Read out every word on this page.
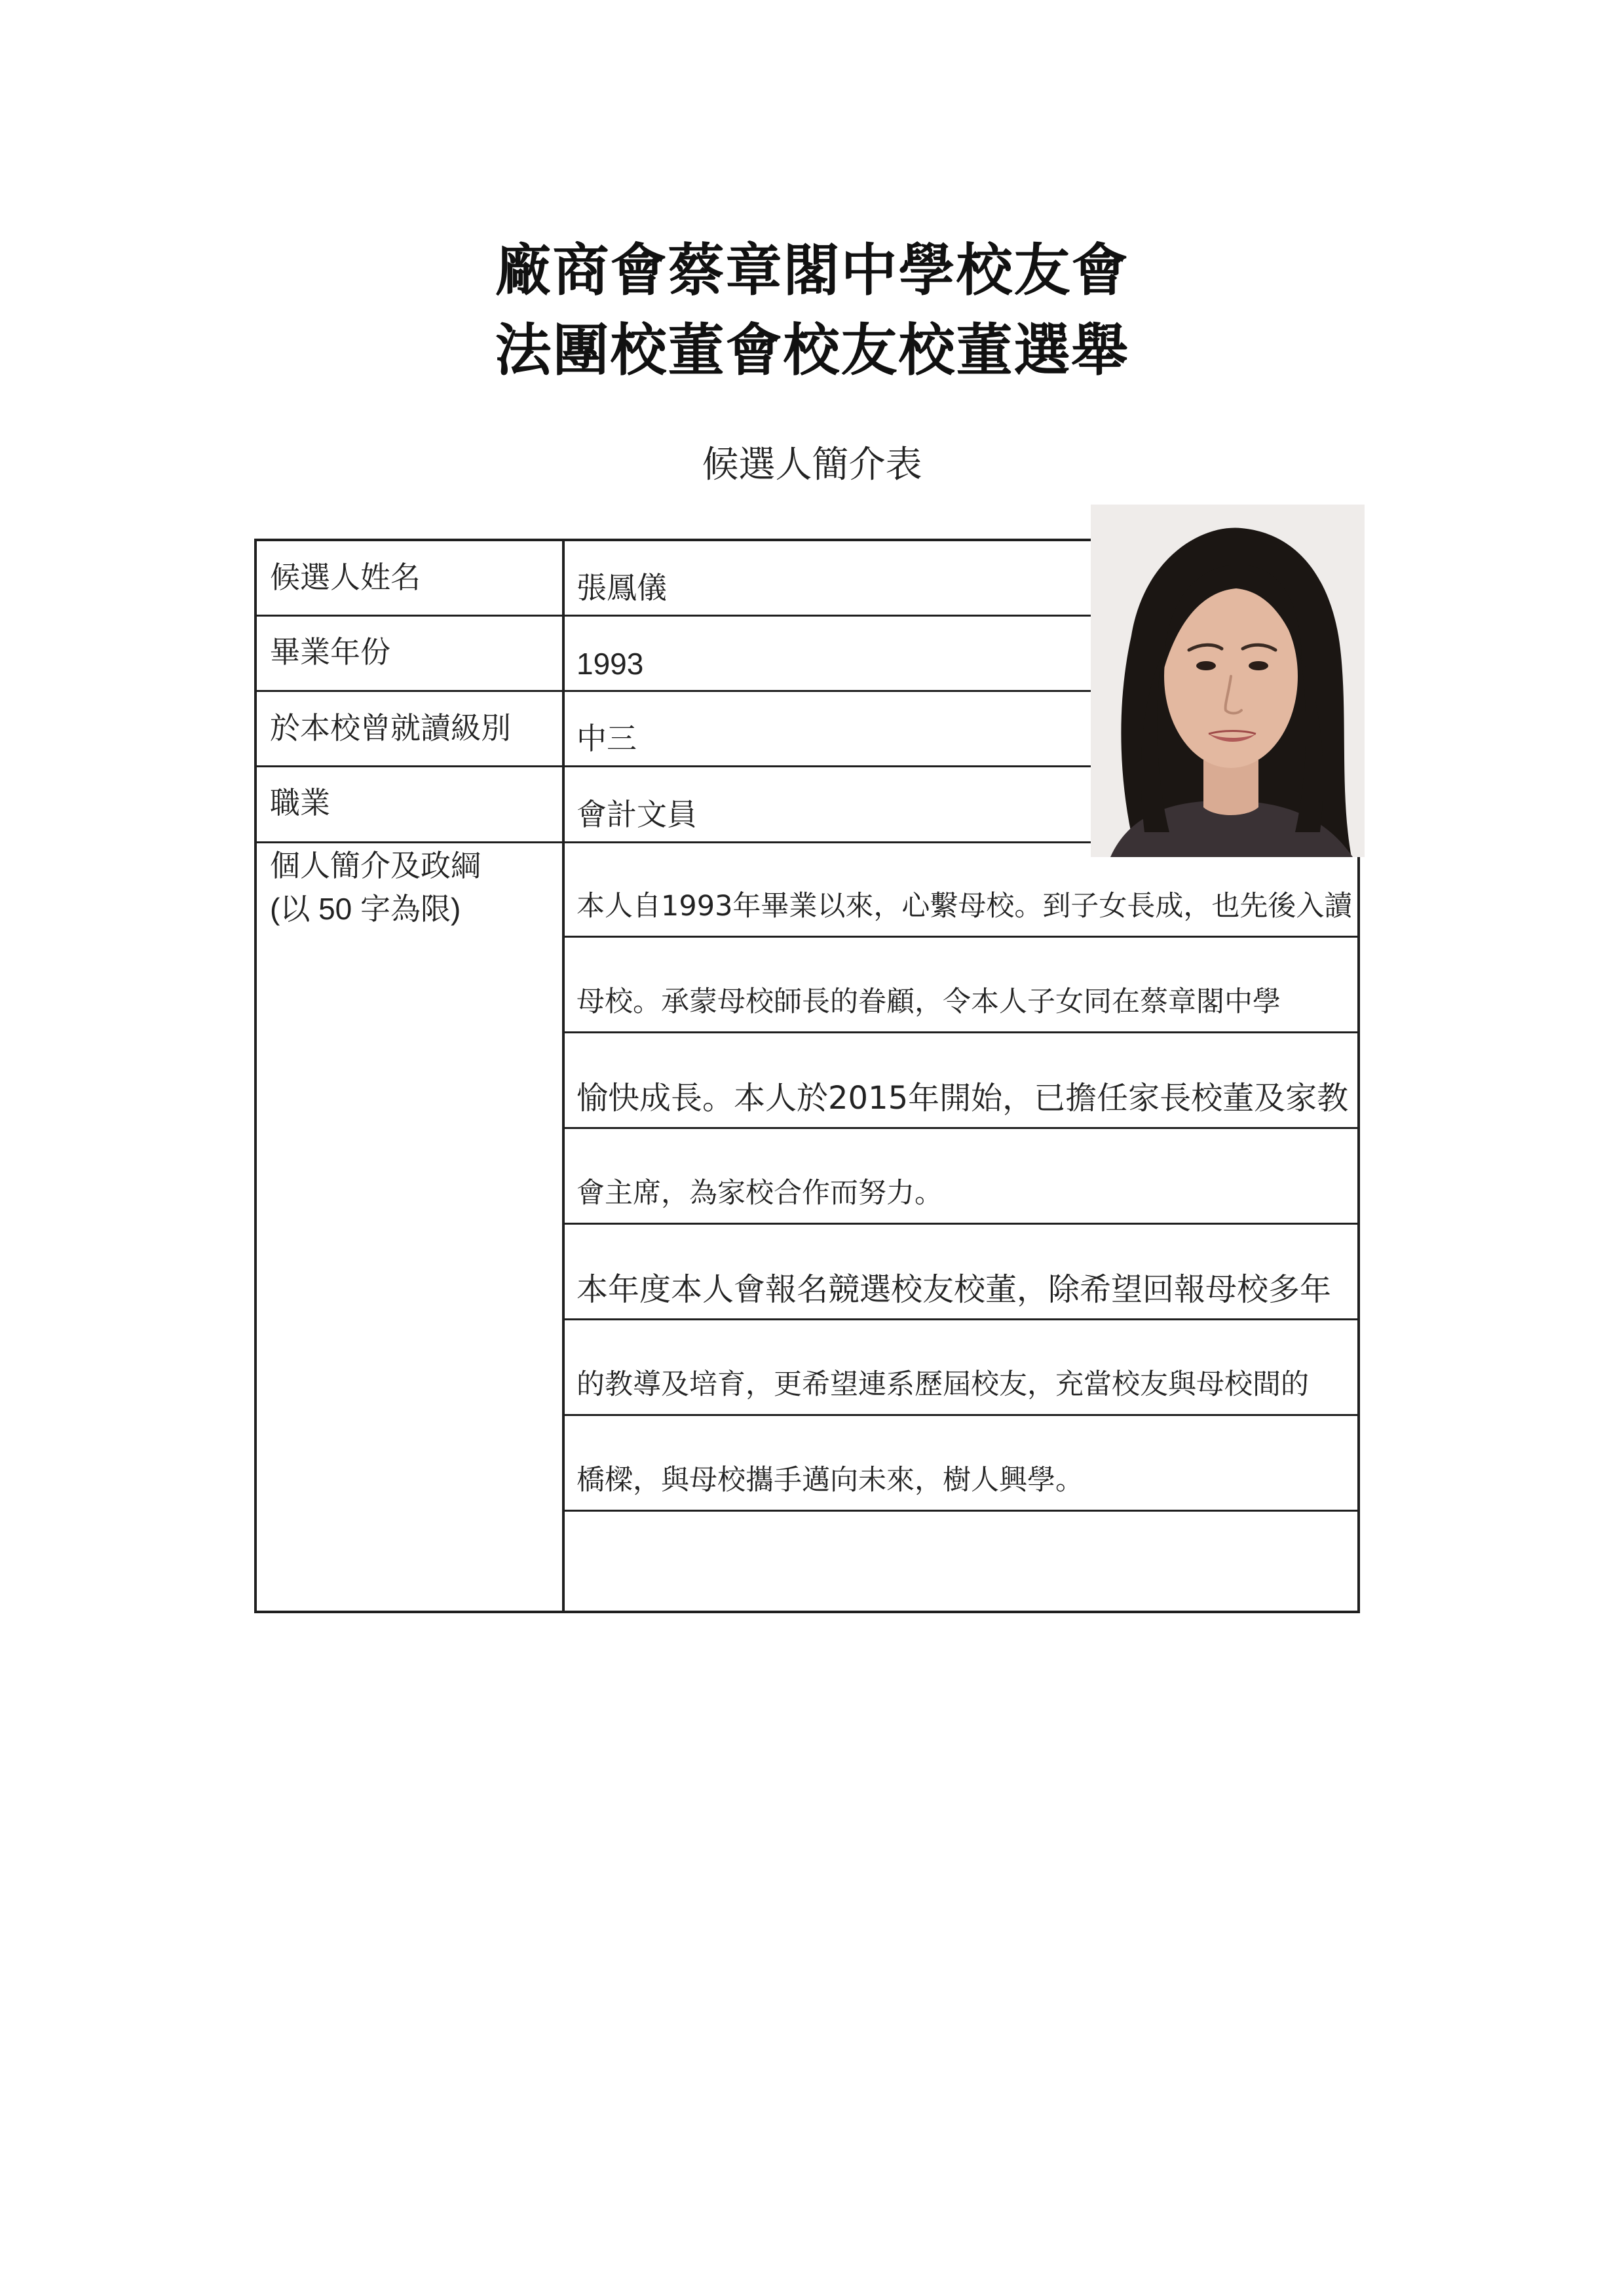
廠商會蔡章閣中學校友會
法團校董會校友校董選舉
候選人簡介表
候選人姓名	張鳳儀
畢業年份	1993
於本校曾就讀級別 中三
職業	會計文員
個人簡介及政綱
(以 50 字為限)	本人自1993年畢業以來，心繫母校。到子女長成，也先後入讀
母校。承蒙母校師長的眷顧，令本人子女同在蔡章閣中學
愉快成長。本人於2015年開始，已擔任家長校董及家教
會主席，為家校合作而努力。
本年度本人會報名競選校友校董，除希望回報母校多年
的教導及培育，更希望連系歷屆校友，充當校友與母校間的
橋樑，與母校攜手邁向未來，樹人興學。
